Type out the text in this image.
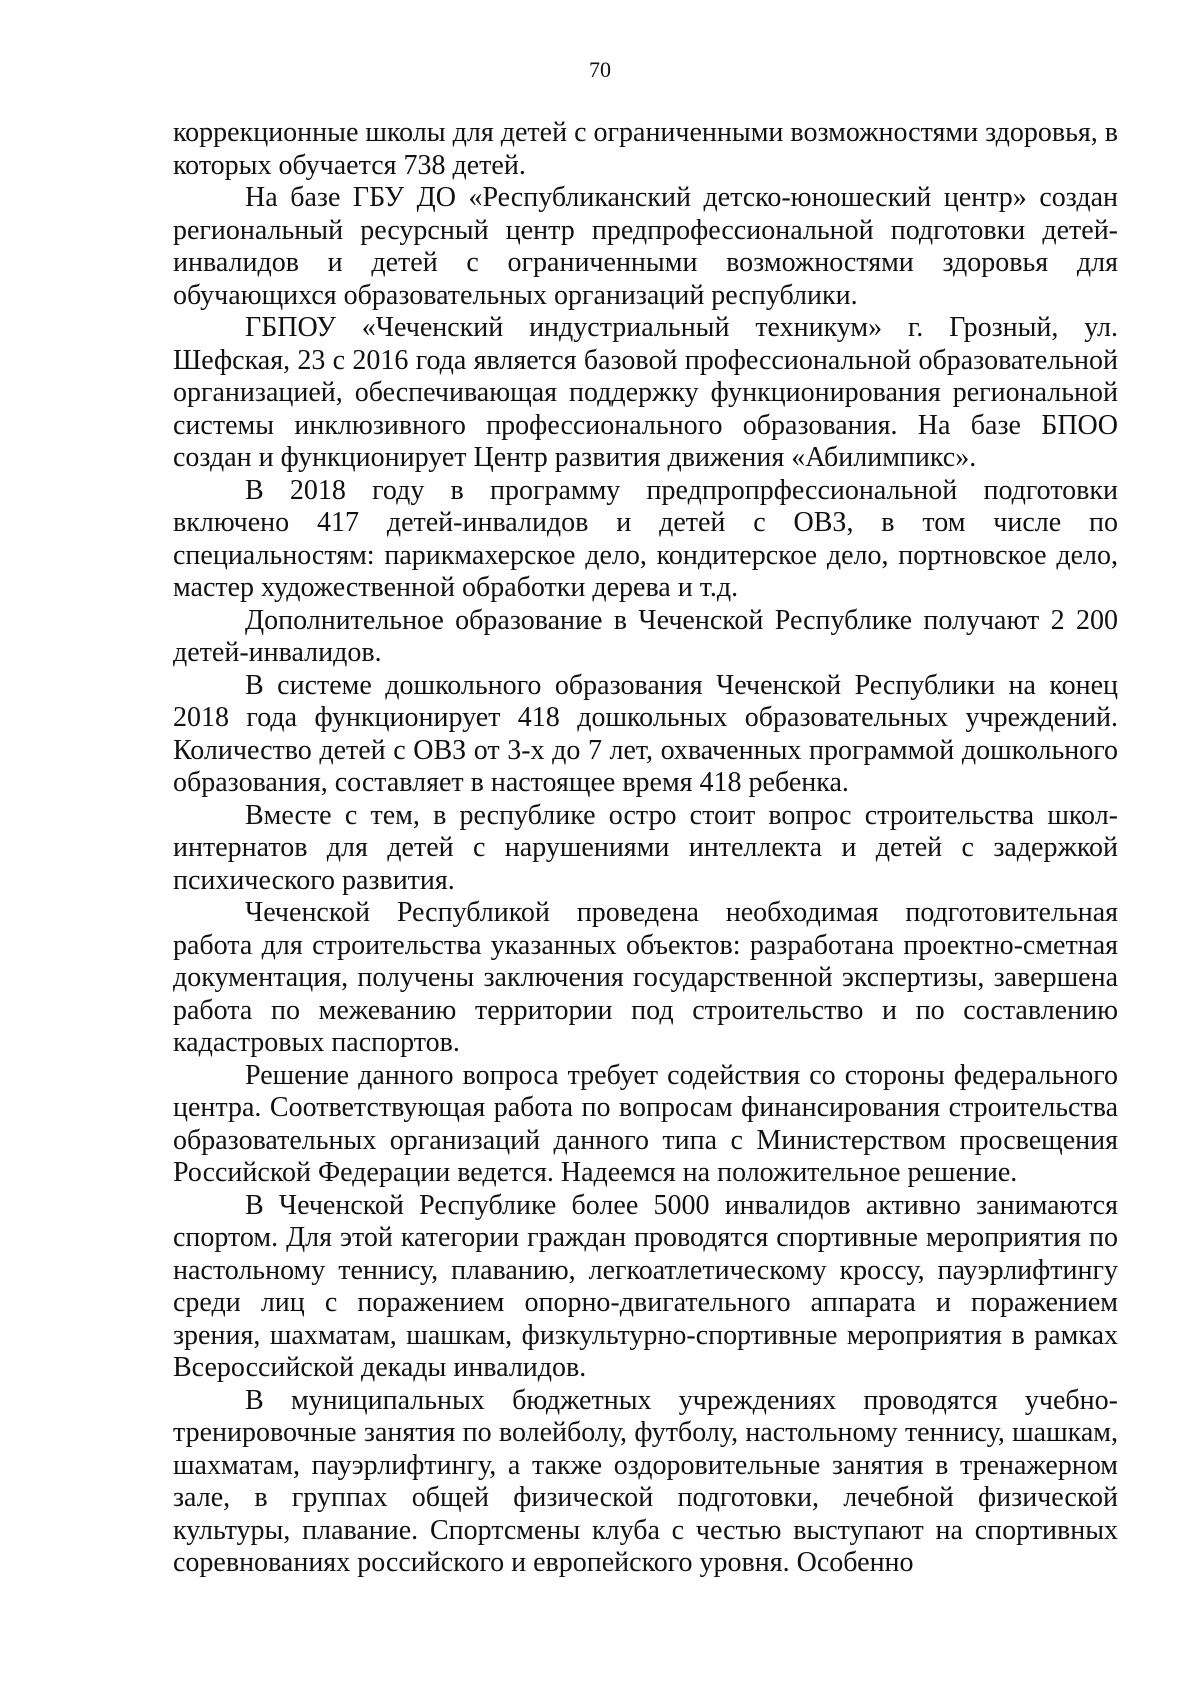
70

коррекционные школы для детей с ограниченными возможностями здоровья, в которых обучается 738 детей.

На базе ГБУ ДО «Республиканский детско-юношеский центр» создан региональный ресурсный центр предпрофессиональной подготовки детей-инвалидов и детей с ограниченными возможностями здоровья для обучающихся образовательных организаций республики.

ГБПОУ «Чеченский индустриальный техникум» г. Грозный, ул. Шефская, 23 с 2016 года является базовой профессиональной образовательной организацией, обеспечивающая поддержку функционирования региональной системы инклюзивного профессионального образования. На базе БПОО создан и функционирует Центр развития движения «Абилимпикс».

В 2018 году в программу предпропрфессиональной подготовки включено 417 детей-инвалидов и детей с ОВЗ, в том числе по специальностям: парикмахерское дело, кондитерское дело, портновское дело, мастер художественной обработки дерева и т.д.

Дополнительное образование в Чеченской Республике получают 2 200 детей-инвалидов.

В системе дошкольного образования Чеченской Республики на конец 2018 года функционирует 418 дошкольных образовательных учреждений. Количество детей с ОВЗ от 3-х до 7 лет, охваченных программой дошкольного образования, составляет в настоящее время 418 ребенка.

Вместе с тем, в республике остро стоит вопрос строительства школ-интернатов для детей с нарушениями интеллекта и детей с задержкой психического развития.

Чеченской Республикой проведена необходимая подготовительная работа для строительства указанных объектов: разработана проектно-сметная документация, получены заключения государственной экспертизы, завершена работа по межеванию территории под строительство и по составлению кадастровых паспортов.

Решение данного вопроса требует содействия со стороны федерального центра. Соответствующая работа по вопросам финансирования строительства образовательных организаций данного типа с Министерством просвещения Российской Федерации ведется. Надеемся на положительное решение.

В Чеченской Республике более 5000 инвалидов активно занимаются спортом. Для этой категории граждан проводятся спортивные мероприятия по настольному теннису, плаванию, легкоатлетическому кроссу, пауэрлифтингу среди лиц с поражением опорно-двигательного аппарата и поражением зрения, шахматам, шашкам, физкультурно-спортивные мероприятия в рамках Всероссийской декады инвалидов.

В муниципальных бюджетных учреждениях проводятся учебно-тренировочные занятия по волейболу, футболу, настольному теннису, шашкам, шахматам, пауэрлифтингу, а также оздоровительные занятия в тренажерном зале, в группах общей физической подготовки, лечебной физической культуры, плавание. Спортсмены клуба с честью выступают на спортивных соревнованиях российского и европейского уровня. Особенно
